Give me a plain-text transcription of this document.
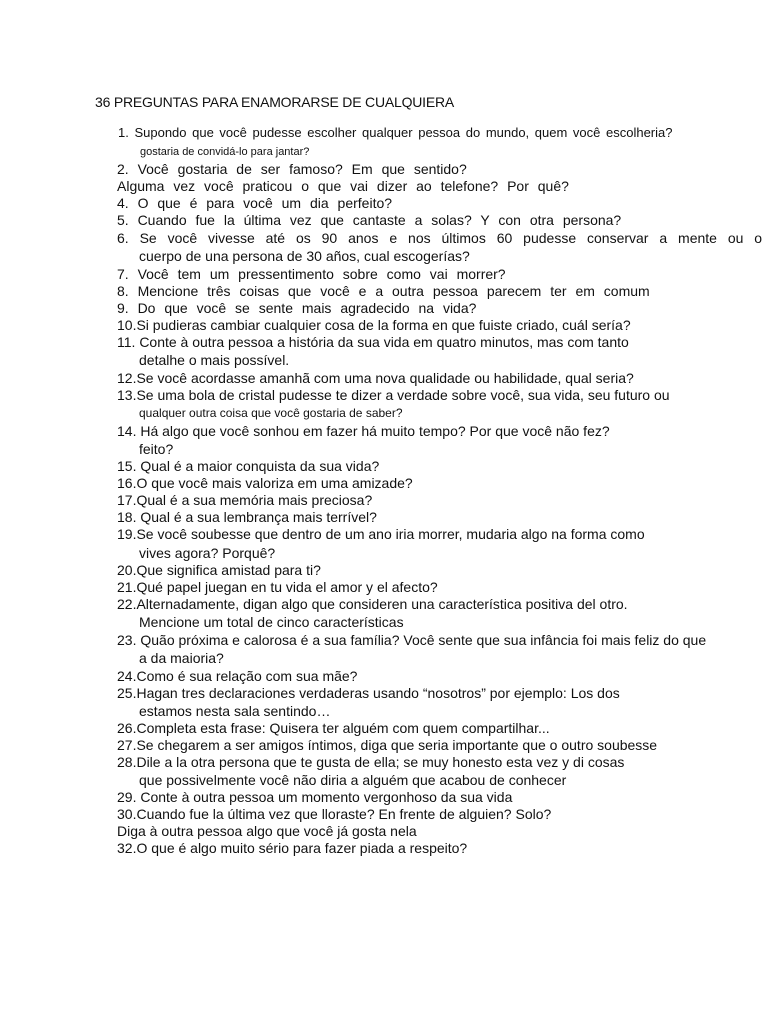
36 PREGUNTAS PARA ENAMORARSE DE CUALQUIERA
1. Supondo que você pudesse escolher qualquer pessoa do mundo, quem você escolheria?
gostaria de convidá-lo para jantar?
2. Você gostaria de ser famoso? Em que sentido?
Alguma vez você praticou o que vai dizer ao telefone? Por quê?
4. O que é para você um dia perfeito?
5. Cuando fue la última vez que cantaste a solas? Y con otra persona?
6. Se você vivesse até os 90 anos e nos últimos 60 pudesse conservar a mente ou o
cuerpo de una persona de 30 años, cual escogerías?
7. Você tem um pressentimento sobre como vai morrer?
8. Mencione três coisas que você e a outra pessoa parecem ter em comum
9. Do que você se sente mais agradecido na vida?
10.Si pudieras cambiar cualquier cosa de la forma en que fuiste criado, cuál sería?
11. Conte à outra pessoa a história da sua vida em quatro minutos, mas com tanto
detalhe o mais possível.
12.Se você acordasse amanhã com uma nova qualidade ou habilidade, qual seria?
13.Se uma bola de cristal pudesse te dizer a verdade sobre você, sua vida, seu futuro ou
qualquer outra coisa que você gostaria de saber?
14. Há algo que você sonhou em fazer há muito tempo? Por que você não fez?
feito?
15. Qual é a maior conquista da sua vida?
16.O que você mais valoriza em uma amizade?
17.Qual é a sua memória mais preciosa?
18. Qual é a sua lembrança mais terrível?
19.Se você soubesse que dentro de um ano iria morrer, mudaria algo na forma como
vives agora? Porquê?
20.Que significa amistad para ti?
21.Qué papel juegan en tu vida el amor y el afecto?
22.Alternadamente, digan algo que consideren una característica positiva del otro.
Mencione um total de cinco características
23. Quão próxima e calorosa é a sua família? Você sente que sua infância foi mais feliz do que
a da maioria?
24.Como é sua relação com sua mãe?
25.Hagan tres declaraciones verdaderas usando “nosotros” por ejemplo: Los dos
estamos nesta sala sentindo…
26.Completa esta frase: Quisera ter alguém com quem compartilhar...
27.Se chegarem a ser amigos íntimos, diga que seria importante que o outro soubesse
28.Dile a la otra persona que te gusta de ella; se muy honesto esta vez y di cosas
que possivelmente você não diria a alguém que acabou de conhecer
29. Conte à outra pessoa um momento vergonhoso da sua vida
30.Cuando fue la última vez que lloraste? En frente de alguien? Solo?
Diga à outra pessoa algo que você já gosta nela
32.O que é algo muito sério para fazer piada a respeito?
